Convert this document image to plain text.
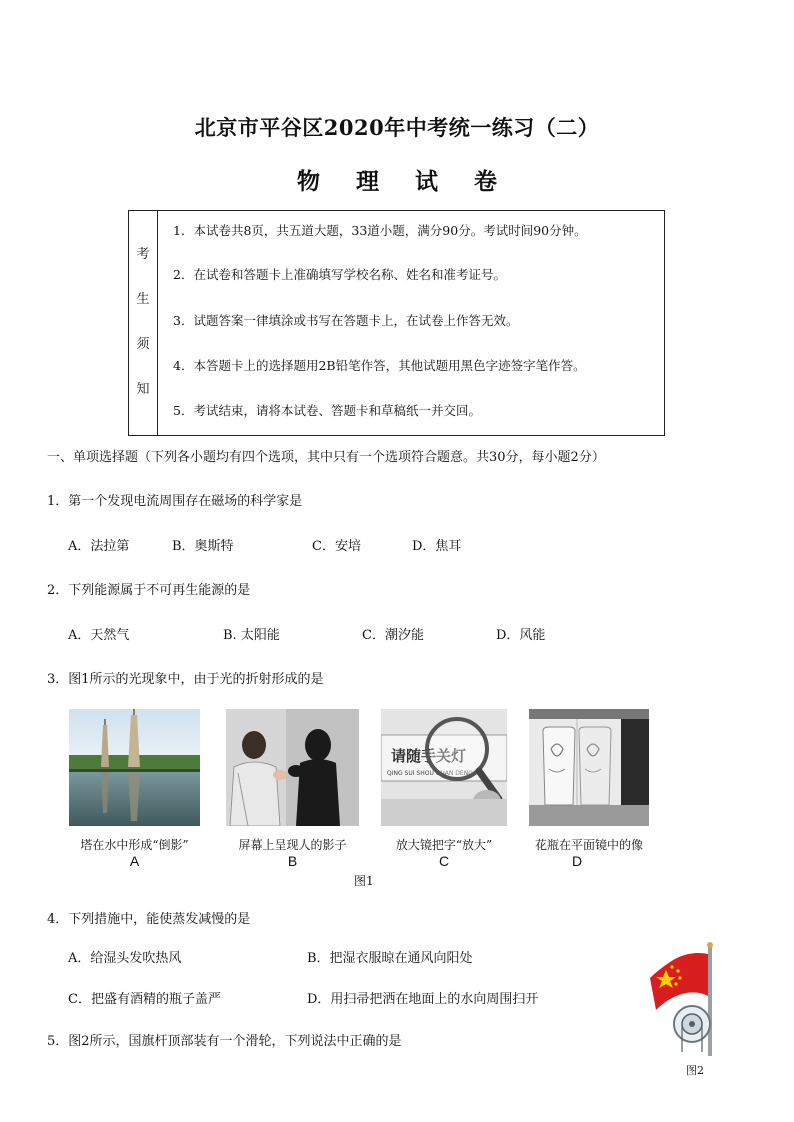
北京市平谷区2020年中考统一练习（二）
物 理 试 卷
考
生
须
知
1．本试卷共8页，共五道大题，33道小题，满分90分。考试时间90分钟。
2．在试卷和答题卡上准确填写学校名称、姓名和准考证号。
3．试题答案一律填涂或书写在答题卡上，在试卷上作答无效。
4．本答题卡上的选择题用2B铅笔作答，其他试题用黑色字迹签字笔作答。
5．考试结束，请将本试卷、答题卡和草稿纸一并交回。
一、单项选择题（下列各小题均有四个选项，其中只有一个选项符合题意。共30分，每小题2分）
1．第一个发现电流周围存在磁场的科学家是
A．法拉第	B．奥斯特	C．安培	D．焦耳
2．下列能源属于不可再生能源的是
A．天然气	B. 太阳能	C．潮汐能	D．风能
3．图1所示的光现象中，由于光的折射形成的是
塔在水中形成“倒影”
A
屏幕上呈现人的影子
B
请随手关灯
QING SUI SHOU GUAN DENG
放大镜把字“放大”
C
花瓶在平面镜中的像
D
图1
4．下列措施中，能使蒸发减慢的是
A．给湿头发吹热风	B．把湿衣服晾在通风向阳处
C．把盛有酒精的瓶子盖严	D．用扫帚把洒在地面上的水向周围扫开
5．图2所示，国旗杆顶部装有一个滑轮，下列说法中正确的是
图2
